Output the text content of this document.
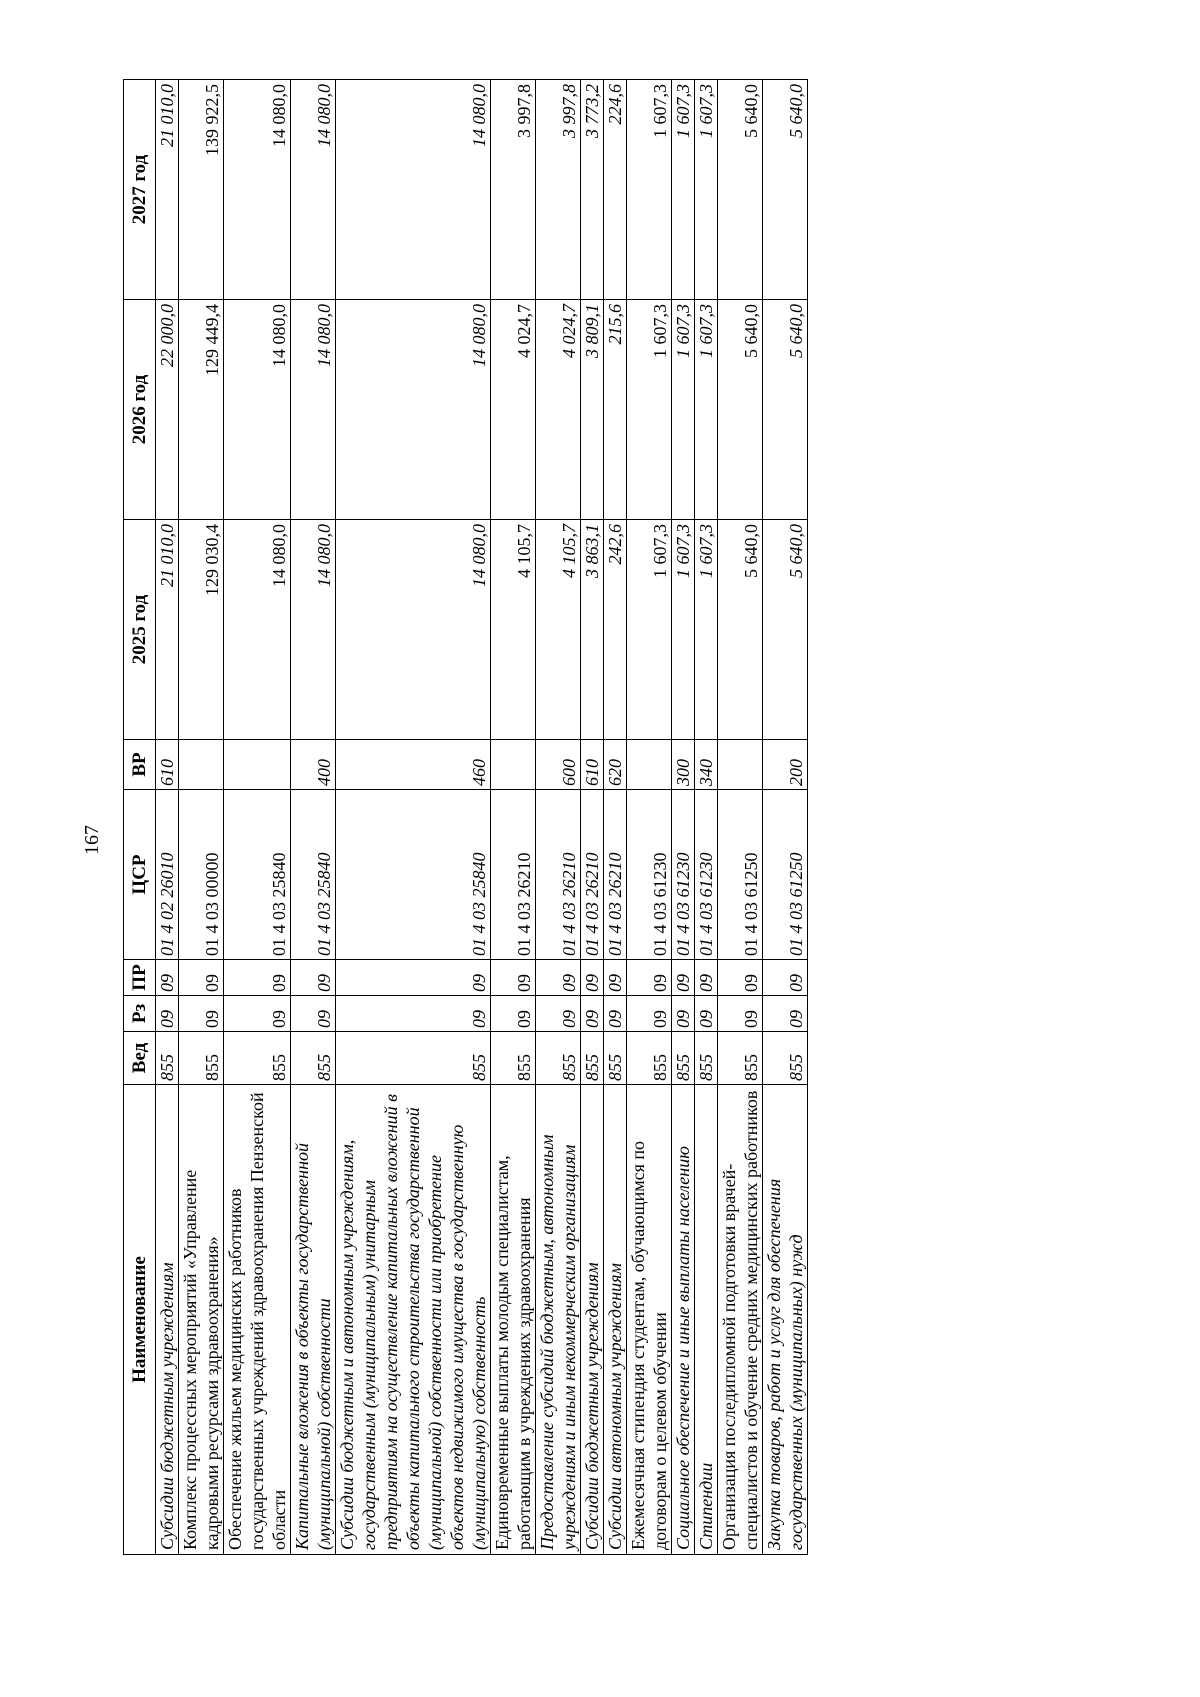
167
Наименование	Вед	Рз	ПР	ЦСР	ВР	2025 год	2026 год	2027 год
Субсидии бюджетным учреждениям	855	09	09	01 4 02 26010	610	21 010,0	22 000,0	21 010,0
Комплекс процессных мероприятий «Управление кадровыми ресурсами здравоохранения»	855	09	09	01 4 03 00000		129 030,4	129 449,4	139 922,5
Обеспечение жильем медицинских работников государственных учреждений здравоохранения Пензенской области	855	09	09	01 4 03 25840		14 080,0	14 080,0	14 080,0
Капитальные вложения в объекты государственной (муниципальной) собственности	855	09	09	01 4 03 25840	400	14 080,0	14 080,0	14 080,0
Субсидии бюджетным и автономным учреждениям, государственным (муниципальным) унитарным предприятиям на осуществление капитальных вложений в объекты капитального строительства государственной (муниципальной) собственности или приобретение объектов недвижимого имущества в государственную (муниципальную) собственность	855	09	09	01 4 03 25840	460	14 080,0	14 080,0	14 080,0
Единовременные выплаты молодым специалистам, работающим в учреждениях здравоохранения	855	09	09	01 4 03 26210		4 105,7	4 024,7	3 997,8
Предоставление субсидий бюджетным, автономным учреждениям и иным некоммерческим организациям	855	09	09	01 4 03 26210	600	4 105,7	4 024,7	3 997,8
Субсидии бюджетным учреждениям	855	09	09	01 4 03 26210	610	3 863,1	3 809,1	3 773,2
Субсидии автономным учреждениям	855	09	09	01 4 03 26210	620	242,6	215,6	224,6
Ежемесячная стипендия студентам, обучающимся по договорам о целевом обучении	855	09	09	01 4 03 61230		1 607,3	1 607,3	1 607,3
Социальное обеспечение и иные выплаты населению	855	09	09	01 4 03 61230	300	1 607,3	1 607,3	1 607,3
Стипендии	855	09	09	01 4 03 61230	340	1 607,3	1 607,3	1 607,3
Организация последипломной подготовки врачей-специалистов и обучение средних медицинских работников	855	09	09	01 4 03 61250		5 640,0	5 640,0	5 640,0
Закупка товаров, работ и услуг для обеспечения государственных (муниципальных) нужд	855	09	09	01 4 03 61250	200	5 640,0	5 640,0	5 640,0
